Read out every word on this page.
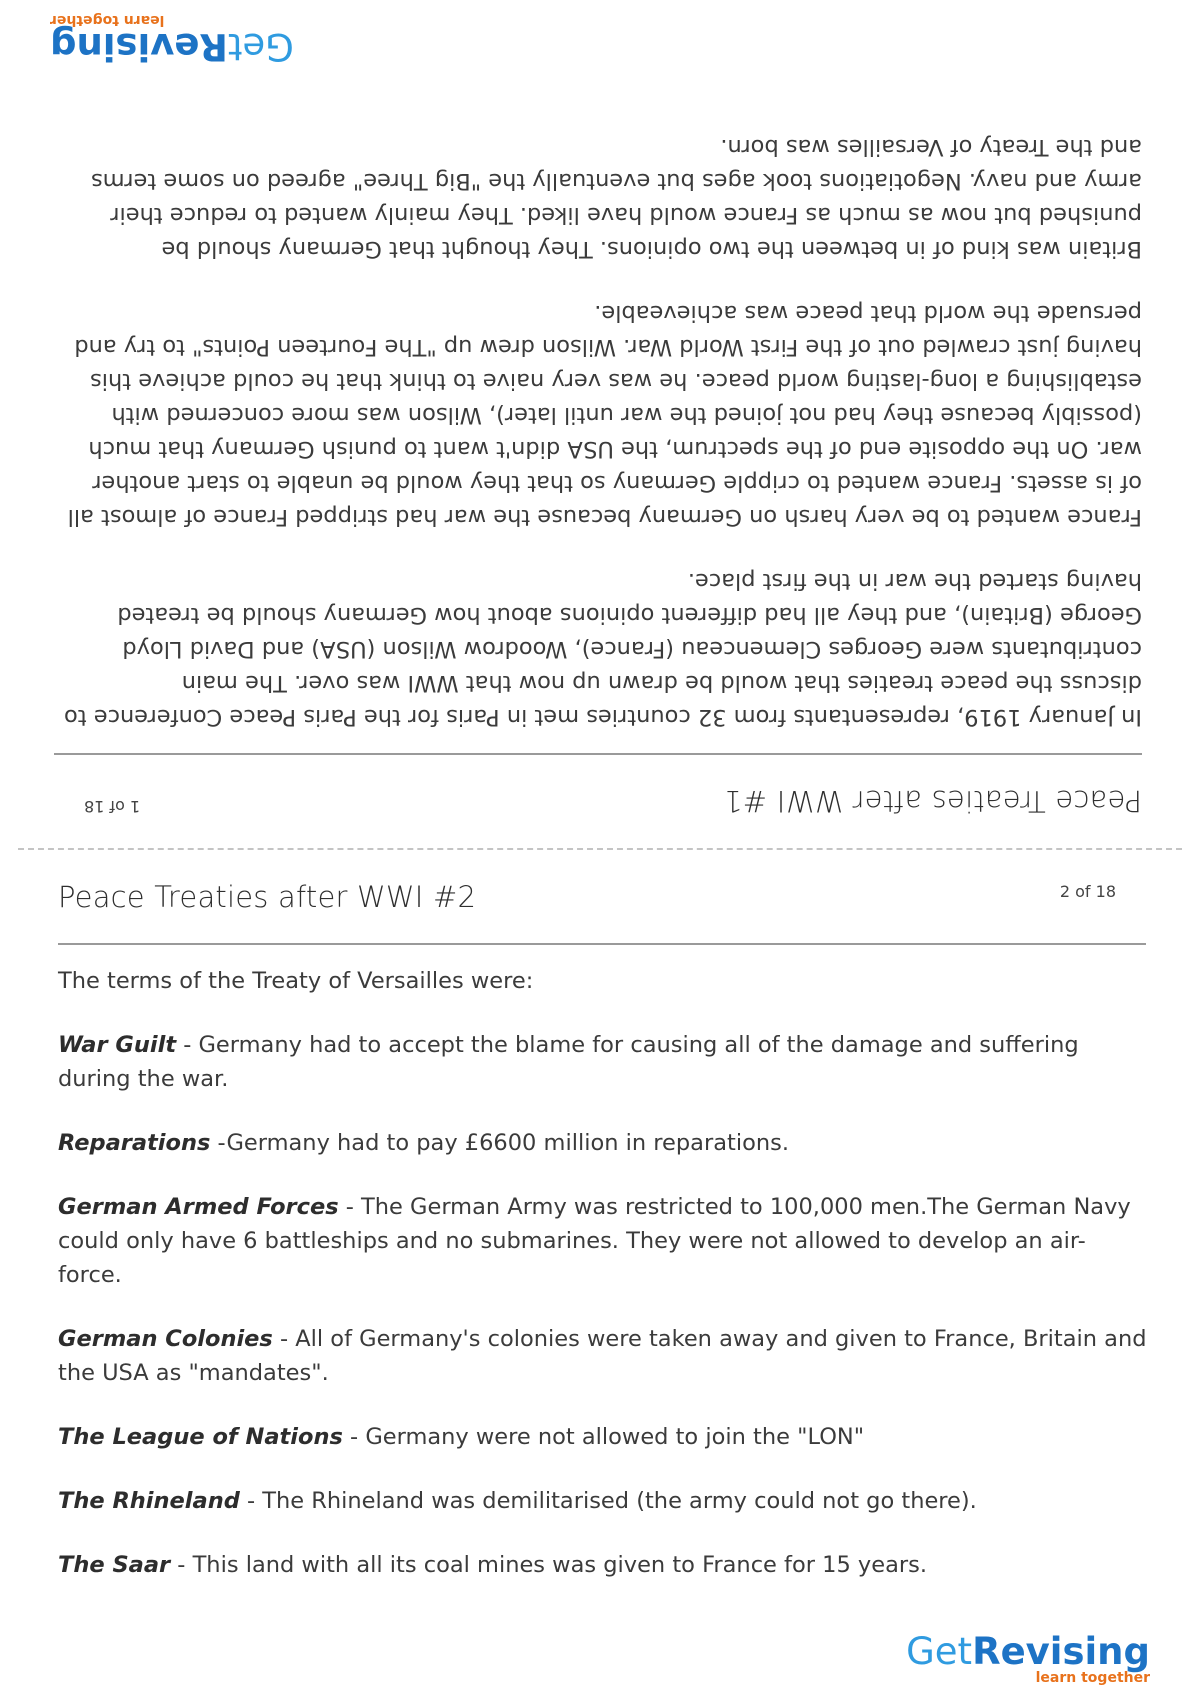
Peace Treaties after WWI #1
1 of 18

In January 1919, representants from 32 countries met in Paris for the Paris Peace Conference to discuss the peace treaties that would be drawn up now that WWI was over. The main contributants were Georges Clemenceau (France), Woodrow Wilson (USA) and David Lloyd George (Britain), and they all had different opinions about how Germany should be treated having started the war in the first place.

France wanted to be very harsh on Germany because the war had stripped France of almost all of is assets. France wanted to cripple Germany so that they would be unable to start another war. On the opposite end of the spectrum, the USA didn't want to punish Germany that much (possibly because they had not joined the war until later), Wilson was more concerned with establishing a long-lasting world peace. he was very naive to think that he could achieve this having just crawled out of the First World War. Wilson drew up "The Fourteen Points" to try and persuade the world that peace was achieveable.

Britain was kind of in between the two opinions. They thought that Germany should be punished but now as much as France would have liked. They mainly wanted to reduce their army and navy. Negotiations took ages but eventually the "Big Three" agreed on some terms and the Treaty of Versailles was born.

GetRevising
learn together
Peace Treaties after WWI #2	2 of 18

The terms of the Treaty of Versailles were:

War Guilt - Germany had to accept the blame for causing all of the damage and suffering during the war.

Reparations -Germany had to pay £6600 million in reparations.

German Armed Forces - The German Army was restricted to 100,000 men.The German Navy could only have 6 battleships and no submarines. They were not allowed to develop an air-force.

German Colonies - All of Germany's colonies were taken away and given to France, Britain and the USA as "mandates".

The League of Nations - Germany were not allowed to join the "LON"

The Rhineland - The Rhineland was demilitarised (the army could not go there).

The Saar - This land with all its coal mines was given to France for 15 years.

GetRevising
learn together
